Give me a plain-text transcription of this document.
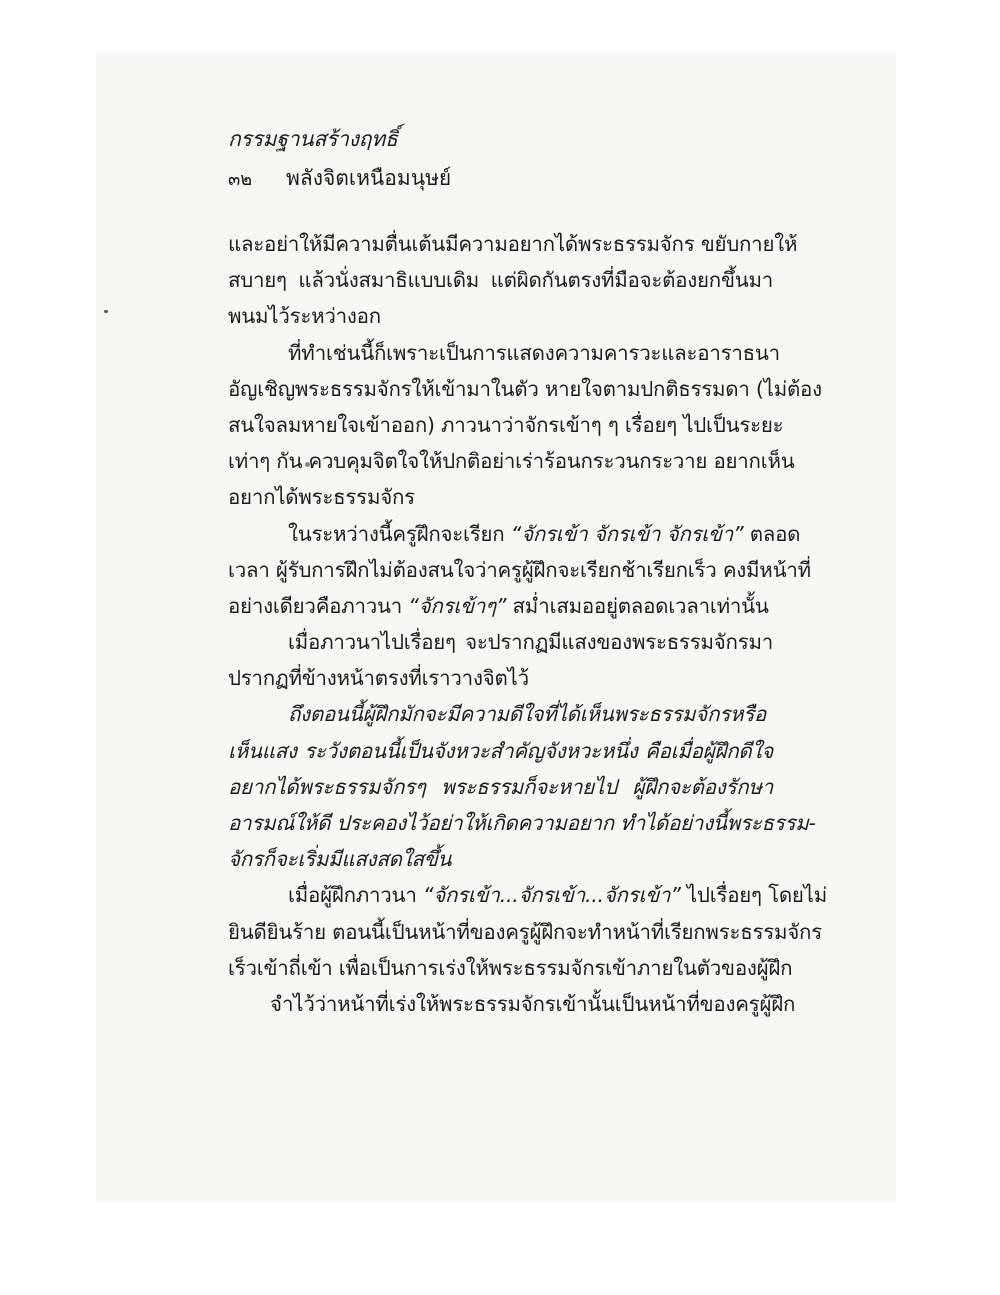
กรรมฐานสร้างฤทธิ์
๓๒	พลังจิตเหนือมนุษย์
และอย่าให้มีความตื่นเต้นมีความอยากได้พระธรรมจักร ขยับกายให้
สบายๆ แล้วนั่งสมาธิแบบเดิม แต่ผิดกันตรงที่มือจะต้องยกขึ้นมา
พนมไว้ระหว่างอก
ที่ทำเช่นนี้ก็เพราะเป็นการแสดงความคารวะและอาราธนา
อัญเชิญพระธรรมจักรให้เข้ามาในตัว หายใจตามปกติธรรมดา (ไม่ต้อง
สนใจลมหายใจเข้าออก) ภาวนาว่าจักรเข้าๆ ๆ เรื่อยๆ ไปเป็นระยะ
เท่าๆ กัน ควบคุมจิตใจให้ปกติอย่าเร่าร้อนกระวนกระวาย อยากเห็น
อยากได้พระธรรมจักร
ในระหว่างนี้ครูฝึกจะเรียก “จักรเข้า จักรเข้า จักรเข้า” ตลอด
เวลา ผู้รับการฝึกไม่ต้องสนใจว่าครูผู้ฝึกจะเรียกช้าเรียกเร็ว คงมีหน้าที่
อย่างเดียวคือภาวนา “จักรเข้าๆ” สม่ำเสมออยู่ตลอดเวลาเท่านั้น
เมื่อภาวนาไปเรื่อยๆ จะปรากฏมีแสงของพระธรรมจักรมา
ปรากฏที่ข้างหน้าตรงที่เราวางจิตไว้
ถึงตอนนี้ผู้ฝึกมักจะมีความดีใจที่ได้เห็นพระธรรมจักรหรือ
เห็นแสง ระวังตอนนี้เป็นจังหวะสำคัญจังหวะหนึ่ง คือเมื่อผู้ฝึกดีใจ
อยากได้พระธรรมจักรๆ พระธรรมก็จะหายไป ผู้ฝึกจะต้องรักษา
อารมณ์ให้ดี ประคองไว้อย่าให้เกิดความอยาก ทำได้อย่างนี้พระธรรม-
จักรก็จะเริ่มมีแสงสดใสขึ้น
เมื่อผู้ฝึกภาวนา “จักรเข้า...จักรเข้า...จักรเข้า” ไปเรื่อยๆ โดยไม่
ยินดียินร้าย ตอนนี้เป็นหน้าที่ของครูผู้ฝึกจะทำหน้าที่เรียกพระธรรมจักร
เร็วเข้าถี่เข้า เพื่อเป็นการเร่งให้พระธรรมจักรเข้าภายในตัวของผู้ฝึก
จำไว้ว่าหน้าที่เร่งให้พระธรรมจักรเข้านั้นเป็นหน้าที่ของครูผู้ฝึก
